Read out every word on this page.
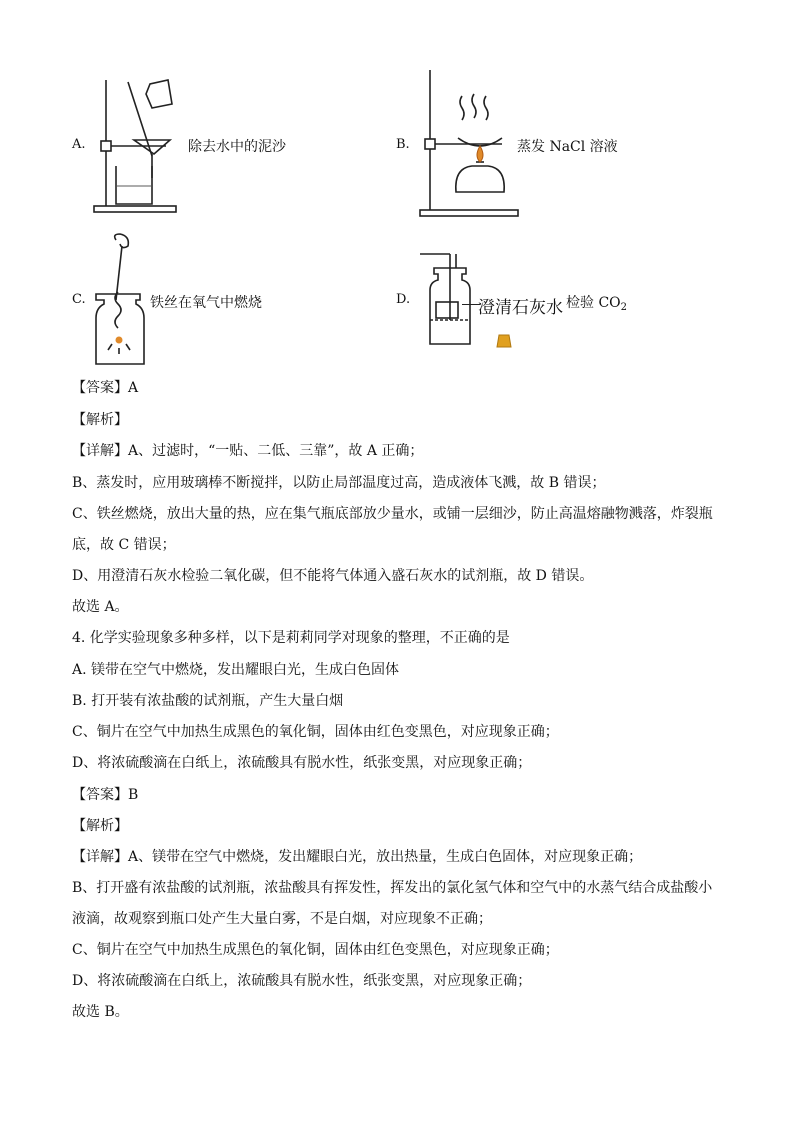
A.	除去水中的泥沙	B.	蒸发 NaCl 溶液
C.	铁丝在氧气中燃烧	D.	澄清石灰水 检验 $CO_2$
【答案】A
【解析】
【详解】A、过滤时，“一贴、二低、三靠”，故 A 正确；
B、蒸发时，应用玻璃棒不断搅拌，以防止局部温度过高，造成液体飞溅，故 B 错误；
C、铁丝燃烧，放出大量的热，应在集气瓶底部放少量水，或铺一层细沙，防止高温熔融物溅落，炸裂瓶
底，故 C 错误；
D、用澄清石灰水检验二氧化碳，但不能将气体通入盛石灰水的试剂瓶，故 D 错误。
故选 A。
4. 化学实验现象多种多样，以下是莉莉同学对现象的整理，不正确的是
A. 镁带在空气中燃烧，发出耀眼白光，生成白色固体
B. 打开装有浓盐酸的试剂瓶，产生大量白烟
C、铜片在空气中加热生成黑色的氧化铜，固体由红色变黑色，对应现象正确；
D、将浓硫酸滴在白纸上，浓硫酸具有脱水性，纸张变黑，对应现象正确；
【答案】B
【解析】
【详解】A、镁带在空气中燃烧，发出耀眼白光，放出热量，生成白色固体，对应现象正确；
B、打开盛有浓盐酸的试剂瓶，浓盐酸具有挥发性，挥发出的氯化氢气体和空气中的水蒸气结合成盐酸小
液滴，故观察到瓶口处产生大量白雾，不是白烟，对应现象不正确；
C、铜片在空气中加热生成黑色的氧化铜，固体由红色变黑色，对应现象正确；
D、将浓硫酸滴在白纸上，浓硫酸具有脱水性，纸张变黑，对应现象正确；
故选 B。
